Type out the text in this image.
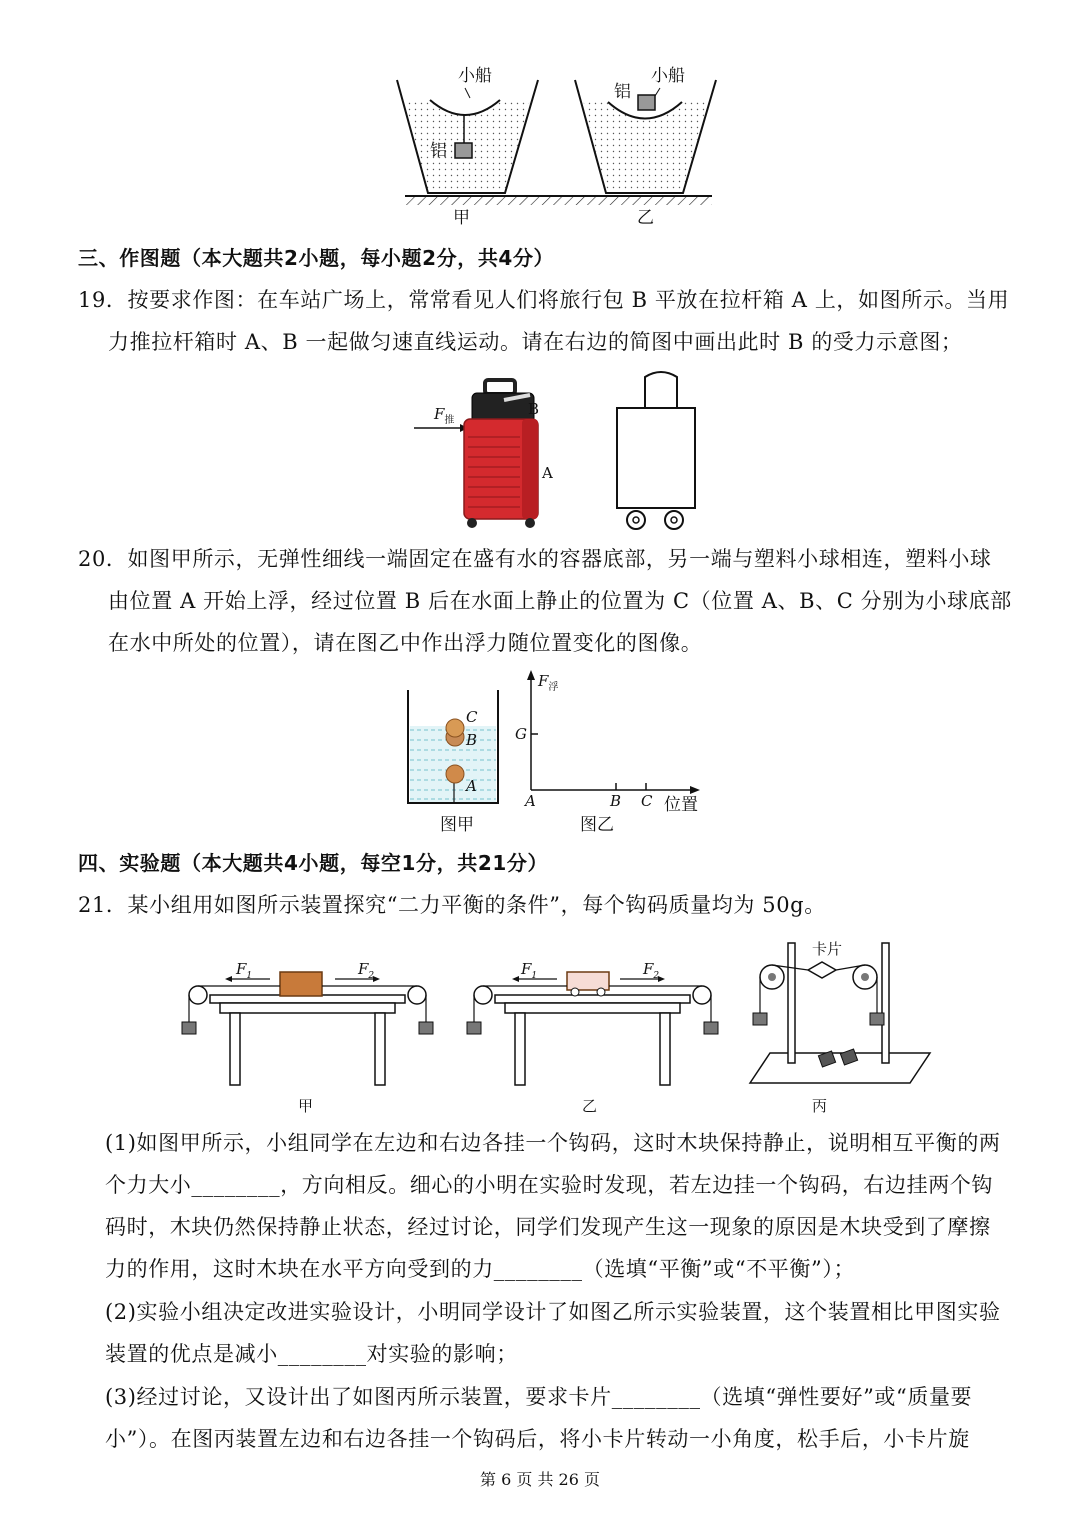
小船
铝
小船
铝
甲	乙
三、作图题（本大题共2小题，每小题2分，共4分）
19．按要求作图：在车站广场上，常常看见人们将旅行包 B 平放在拉杆箱 A 上，如图所示。当用
力推拉杆箱时 A、B 一起做匀速直线运动。请在右边的简图中画出此时 B 的受力示意图；
$F_推$
B
A
20．如图甲所示，无弹性细线一端固定在盛有水的容器底部，另一端与塑料小球相连，塑料小球
由位置 A 开始上浮，经过位置 B 后在水面上静止的位置为 C（位置 A、B、C 分别为小球底部
在水中所处的位置），请在图乙中作出浮力随位置变化的图像。
C
B
A
$F_浮$
G
A	B C 位置
图甲	图乙
四、实验题（本大题共4小题，每空1分，共21分）
21．某小组用如图所示装置探究“二力平衡的条件”，每个钩码质量均为 50g。
$F_1$	$F_2$	$F_1$	$F_2$
卡片
甲	乙	丙
(1)如图甲所示，小组同学在左边和右边各挂一个钩码，这时木块保持静止，说明相互平衡的两
个力大小________，方向相反。细心的小明在实验时发现，若左边挂一个钩码，右边挂两个钩
码时，木块仍然保持静止状态，经过讨论，同学们发现产生这一现象的原因是木块受到了摩擦
力的作用，这时木块在水平方向受到的力________（选填“平衡”或“不平衡”）；
(2)实验小组决定改进实验设计，小明同学设计了如图乙所示实验装置，这个装置相比甲图实验
装置的优点是减小________对实验的影响；
(3)经过讨论，又设计出了如图丙所示装置，要求卡片________（选填“弹性要好”或“质量要
小”）。在图丙装置左边和右边各挂一个钩码后，将小卡片转动一小角度，松手后，小卡片旋
第 6 页 共 26 页
